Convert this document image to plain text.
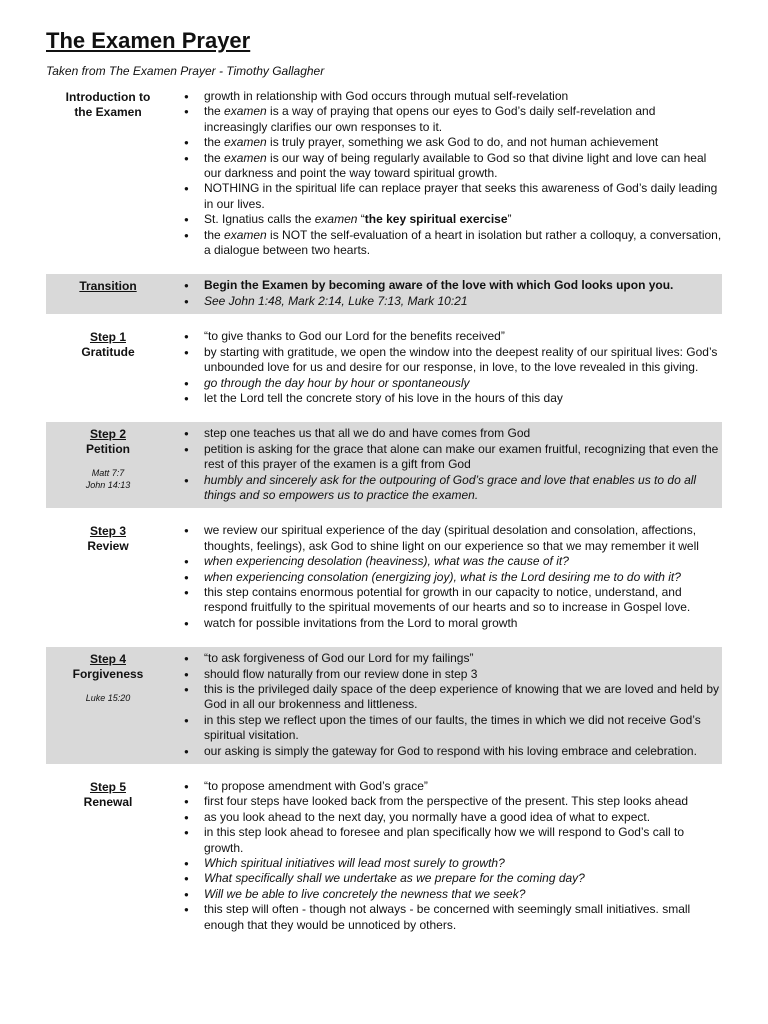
The Examen Prayer
Taken from The Examen Prayer - Timothy Gallagher
Introduction to
the Examen
● growth in relationship with God occurs through mutual self-revelation
● the examen is a way of praying that opens our eyes to God’s daily self-revelation and increasingly clarifies our own responses to it.
● the examen is truly prayer, something we ask God to do, and not human achievement
● the examen is our way of being regularly available to God so that divine light and love can heal our darkness and point the way toward spiritual growth.
● NOTHING in the spiritual life can replace prayer that seeks this awareness of God’s daily leading in our lives.
● St. Ignatius calls the examen “the key spiritual exercise”
● the examen is NOT the self-evaluation of a heart in isolation but rather a colloquy, a conversation, a dialogue between two hearts.
Transition
●	Begin the Examen by becoming aware of the love with which God looks upon you.
● See John 1:48, Mark 2:14, Luke 7:13, Mark 10:21
Step 1
Gratitude
● “to give thanks to God our Lord for the benefits received”
● by starting with gratitude, we open the window into the deepest reality of our spiritual lives: God’s unbounded love for us and desire for our response, in love, to the love revealed in this giving.
● go through the day hour by hour or spontaneously
● let the Lord tell the concrete story of his love in the hours of this day
Step 2
Petition
Matt 7:7
John 14:13
● step one teaches us that all we do and have comes from God
● petition is asking for the grace that alone can make our examen fruitful, recognizing that even the rest of this prayer of the examen is a gift from God
● humbly and sincerely ask for the outpouring of God’s grace and love that enables us to do all things and so empowers us to practice the examen.
Step 3
Review
● we review our spiritual experience of the day (spiritual desolation and consolation, affections, thoughts, feelings), ask God to shine light on our experience so that we may remember it well
● when experiencing desolation (heaviness), what was the cause of it?
● when experiencing consolation (energizing joy), what is the Lord desiring me to do with it?
● this step contains enormous potential for growth in our capacity to notice, understand, and respond fruitfully to the spiritual movements of our hearts and so to increase in Gospel love.
● watch for possible invitations from the Lord to moral growth
Step 4
Forgiveness
Luke 15:20
● “to ask forgiveness of God our Lord for my failings”
● should flow naturally from our review done in step 3
● this is the privileged daily space of the deep experience of knowing that we are loved and held by God in all our brokenness and littleness.
● in this step we reflect upon the times of our faults, the times in which we did not receive God’s spiritual visitation.
● our asking is simply the gateway for God to respond with his loving embrace and celebration.
Step 5
Renewal
● “to propose amendment with God’s grace”
● first four steps have looked back from the perspective of the present. This step looks ahead
● as you look ahead to the next day, you normally have a good idea of what to expect.
● in this step look ahead to foresee and plan specifically how we will respond to God’s call to growth.
● Which spiritual initiatives will lead most surely to growth?
● What specifically shall we undertake as we prepare for the coming day?
● Will we be able to live concretely the newness that we seek?
● this step will often - though not always - be concerned with seemingly small initiatives. small enough that they would be unnoticed by others.
